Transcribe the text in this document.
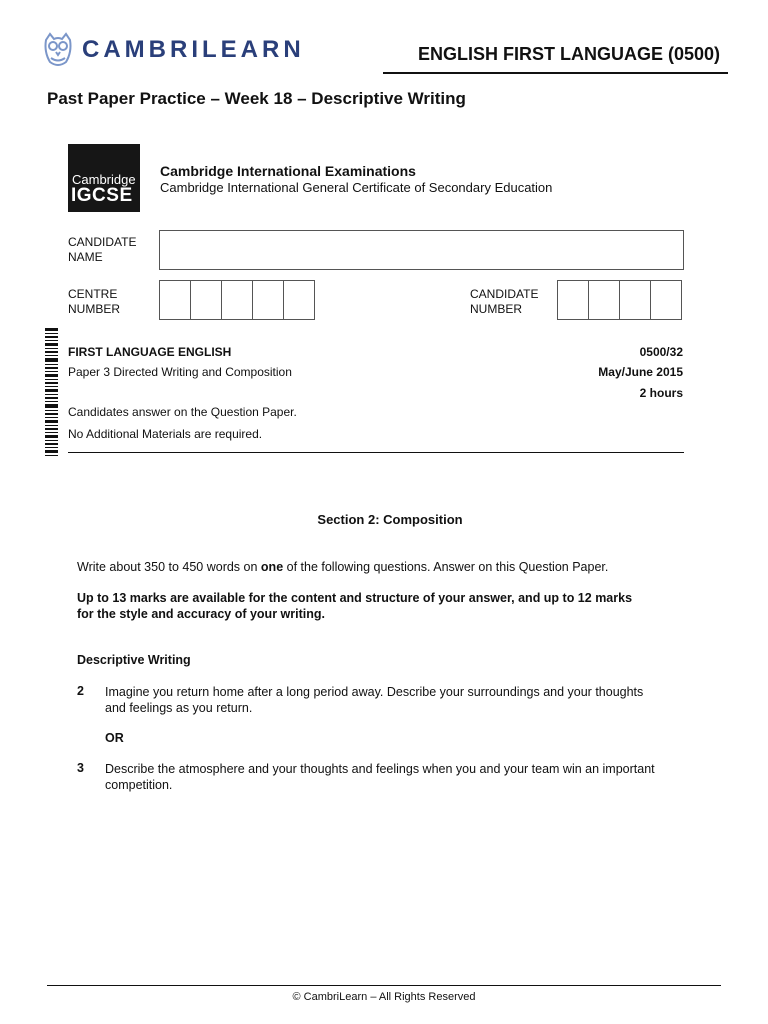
CAMBRILEARN	ENGLISH FIRST LANGUAGE (0500)
Past Paper Practice – Week 18 – Descriptive Writing
Cambridge
IGCSE
Cambridge International Examinations
Cambridge International General Certificate of Secondary Education
CANDIDATE
NAME
CENTRE
NUMBER
CANDIDATE
NUMBER
FIRST LANGUAGE ENGLISH
Paper 3 Directed Writing and Composition
0500/32
May/June 2015
2 hours
Candidates answer on the Question Paper.
No Additional Materials are required.
Section 2: Composition
Write about 350 to 450 words on one of the following questions. Answer on this Question Paper.
Up to 13 marks are available for the content and structure of your answer, and up to 12 marks
for the style and accuracy of your writing.
Descriptive Writing
2 Imagine you return home after a long period away. Describe your surroundings and your thoughts
and feelings as you return.
OR
3 Describe the atmosphere and your thoughts and feelings when you and your team win an important
competition.
© CambriLearn – All Rights Reserved
